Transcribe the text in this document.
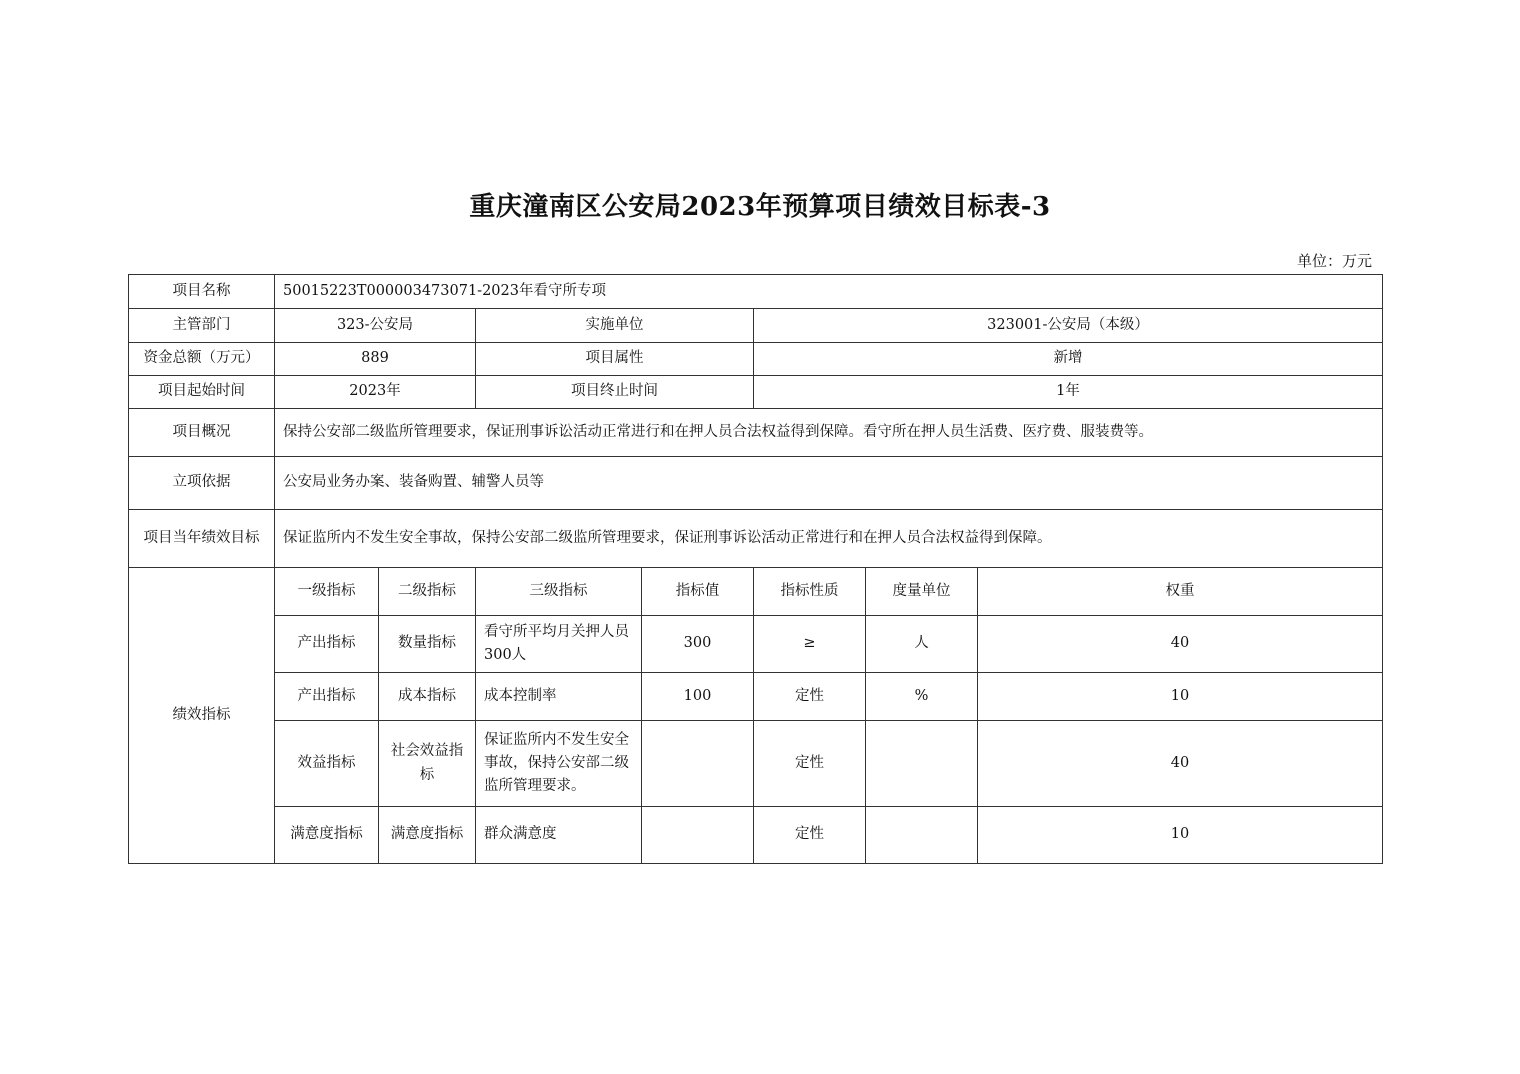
重庆潼南区公安局2023年预算项目绩效目标表-3
单位：万元
项目名称	50015223T000003473071-2023年看守所专项						
主管部门	323-公安局		实施单位		323001-公安局（本级）		
资金总额（万元）	889		项目属性		新增		
项目起始时间	2023年		项目终止时间		1年		
项目概况	保持公安部二级监所管理要求，保证刑事诉讼活动正常进行和在押人员合法权益得到保障。看守所在押人员生活费、医疗费、服装费等。						
立项依据	公安局业务办案、装备购置、辅警人员等						
项目当年绩效目标	保证监所内不发生安全事故，保持公安部二级监所管理要求，保证刑事诉讼活动正常进行和在押人员合法权益得到保障。						
绩效指标	一级指标	二级指标	三级指标	指标值	指标性质	度量单位	权重
	产出指标	数量指标	看守所平均月关押人员300人	300	≥	人	40
	产出指标	成本指标	成本控制率	100	定性	%	10
	效益指标	社会效益指标	保证监所内不发生安全事故，保持公安部二级监所管理要求。		定性		40
	满意度指标	满意度指标	群众满意度		定性		10
